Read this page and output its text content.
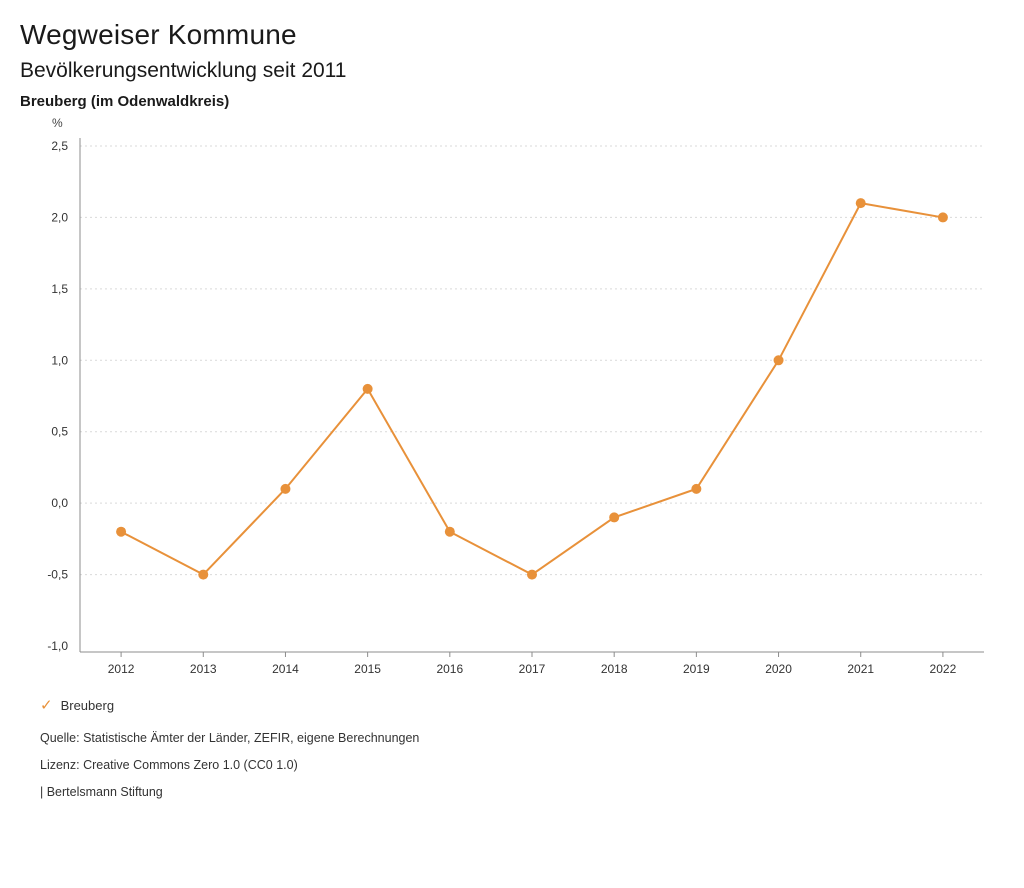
Wegweiser Kommune
Bevölkerungsentwicklung seit 2011
Breuberg (im Odenwaldkreis)
%
2,5
2,0
1,5
1,0
0,5
0,0
-0,5
-1,0
2012	2013	2014	2015	2016	2017	2018	2019	2020	2021	2022
✓ Breuberg
Quelle: Statistische Ämter der Länder, ZEFIR, eigene Berechnungen
Lizenz: Creative Commons Zero 1.0 (CC0 1.0)
| Bertelsmann Stiftung
